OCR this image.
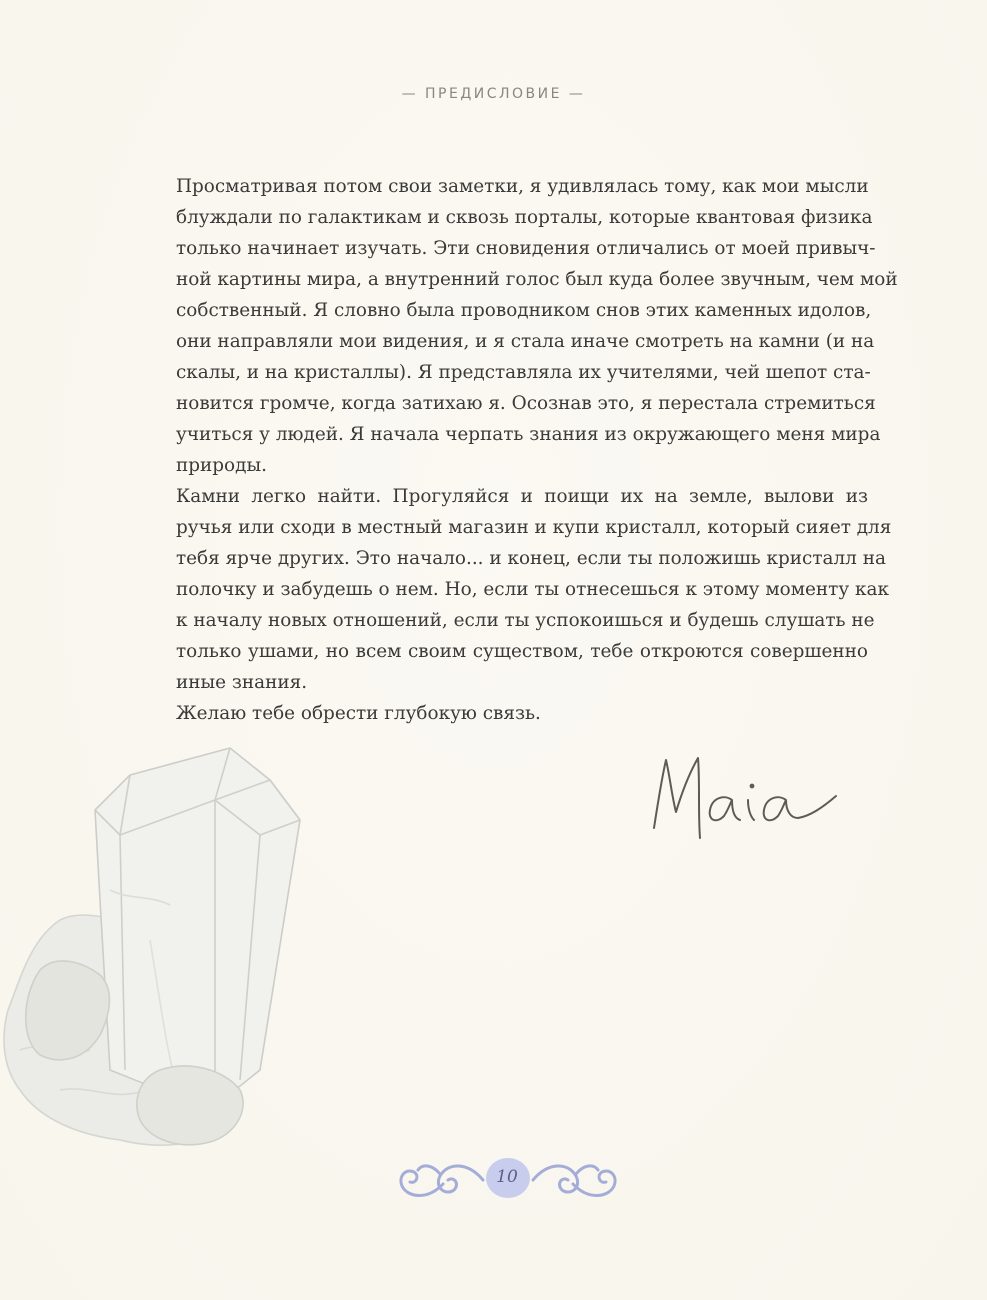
— ПРЕДИСЛОВИЕ —

Просматривая потом свои заметки, я удивлялась тому, как мои мысли
блуждали по галактикам и сквозь порталы, которые квантовая физика
только начинает изучать. Эти сновидения отличались от моей привыч-
ной картины мира, а внутренний голос был куда более звучным, чем мой
собственный. Я словно была проводником снов этих каменных идолов,
они направляли мои видения, и я стала иначе смотреть на камни (и на
скалы, и на кристаллы). Я представляла их учителями, чей шепот ста-
новится громче, когда затихаю я. Осознав это, я перестала стремиться
учиться у людей. Я начала черпать знания из окружающего меня мира
природы.

Камни легко найти. Прогуляйся и поищи их на земле, вылови из
ручья или сходи в местный магазин и купи кристалл, который сияет для
тебя ярче других. Это начало... и конец, если ты положишь кристалл на
полочку и забудешь о нем. Но, если ты отнесешься к этому моменту как
к началу новых отношений, если ты успокоишься и будешь слушать не
только ушами, но всем своим существом, тебе откроются совершенно
иные знания.

Желаю тебе обрести глубокую связь.

10
